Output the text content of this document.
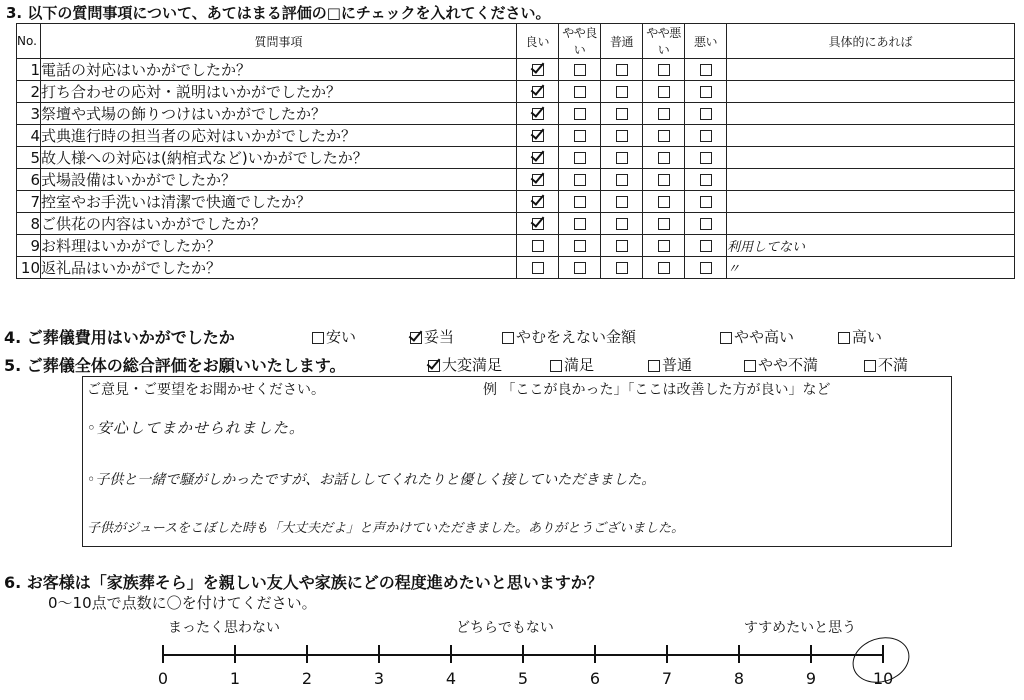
3. 以下の質問事項について、あてはまる評価の□にチェックを入れてください。
No.	質問事項	良い	やや良い	普通	やや悪い	悪い	具体的にあれば
1	電話の対応はいかがでしたか？						
2	打ち合わせの応対・説明はいかがでしたか？						
3	祭壇や式場の飾りつけはいかがでしたか？						
4	式典進行時の担当者の応対はいかがでしたか？						
5	故人様への対応は(納棺式など)いかがでしたか？						
6	式場設備はいかがでしたか？						
7	控室やお手洗いは清潔で快適でしたか？						
8	ご供花の内容はいかがでしたか？						
9	お料理はいかがでしたか？						利用してない
10	返礼品はいかがでしたか？						〃
4. ご葬儀費用はいかがでしたか	安い	妥当	やむをえない金額	やや高い	高い
5. ご葬儀全体の総合評価をお願いいたします。	大変満足	満足	普通	やや不満	不満
ご意見・ご要望をお聞かせください。	例 「ここが良かった」「ここは改善した方が良い」など
◦安心してまかせられました。
◦子供と一緒で騒がしかったですが、お話ししてくれたりと優しく接していただきました。
子供がジュースをこぼした時も「大丈夫だよ」と声かけていただきました。ありがとうございました。
6. お客様は「家族葬そら」を親しい友人や家族にどの程度進めたいと思いますか？
0〜10点で点数に〇を付けてください。
まったく思わない	どちらでもない	すすめたいと思う
0	1	2	3	4	5	6	7	8	9	10
